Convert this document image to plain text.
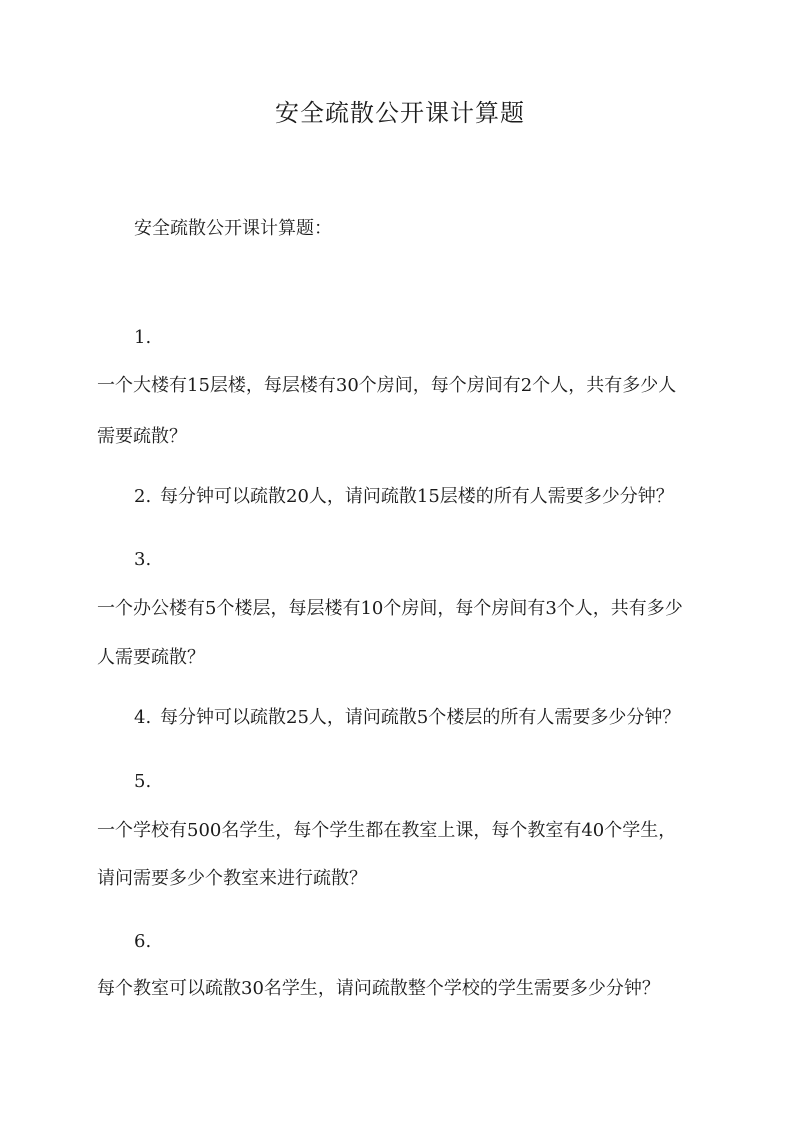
安全疏散公开课计算题
安全疏散公开课计算题：
1.
一个大楼有15层楼，每层楼有30个房间，每个房间有2个人，共有多少人
需要疏散？
2. 每分钟可以疏散20人，请问疏散15层楼的所有人需要多少分钟？
3.
一个办公楼有5个楼层，每层楼有10个房间，每个房间有3个人，共有多少
人需要疏散？
4. 每分钟可以疏散25人，请问疏散5个楼层的所有人需要多少分钟？
5.
一个学校有500名学生，每个学生都在教室上课，每个教室有40个学生，
请问需要多少个教室来进行疏散？
6.
每个教室可以疏散30名学生，请问疏散整个学校的学生需要多少分钟？
